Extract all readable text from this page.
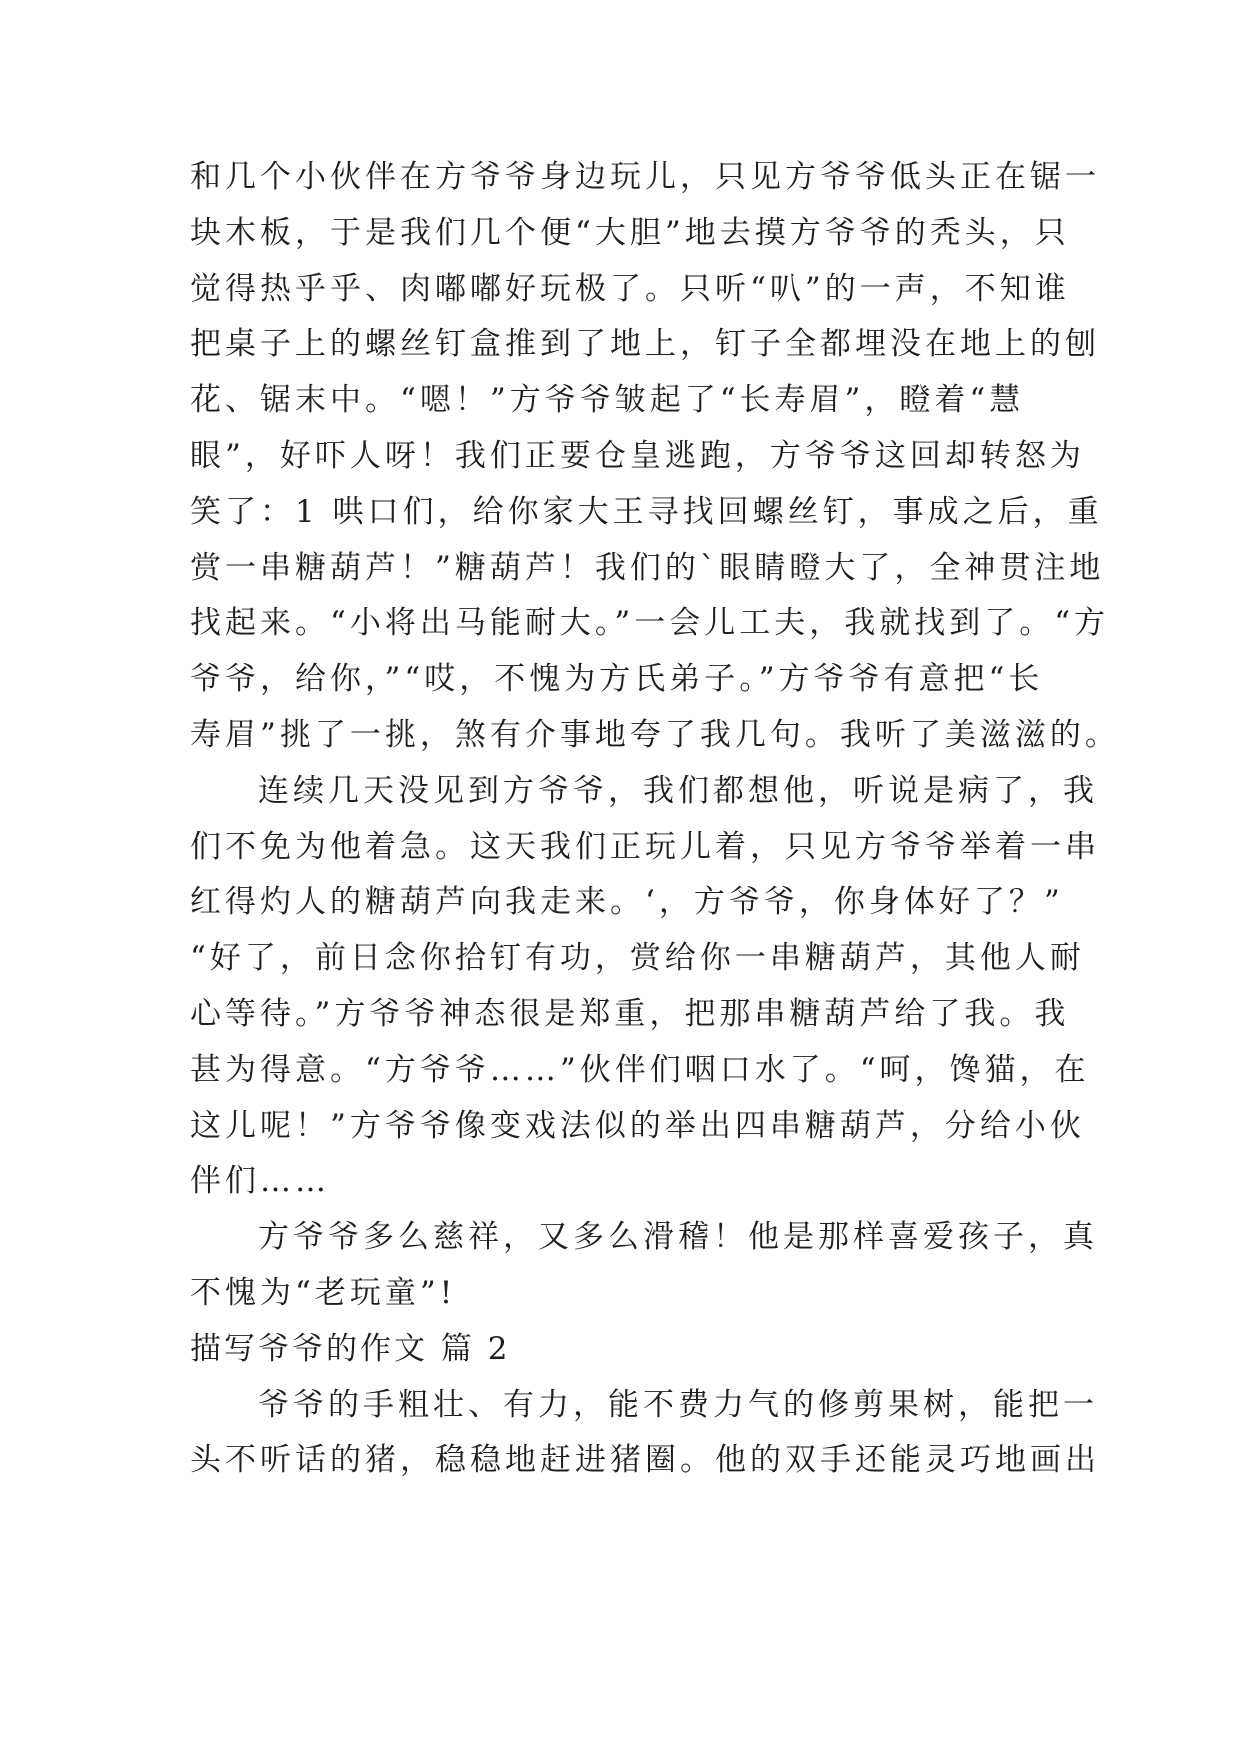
和几个小伙伴在方爷爷身边玩儿，只见方爷爷低头正在锯一
块木板，于是我们几个便“大胆”地去摸方爷爷的秃头，只
觉得热乎乎、肉嘟嘟好玩极了。只听“叭”的一声，不知谁
把桌子上的螺丝钉盒推到了地上，钉子全都埋没在地上的刨
花、锯末中。“嗯！”方爷爷皱起了“长寿眉”，瞪着“慧
眼”，好吓人呀！我们正要仓皇逃跑，方爷爷这回却转怒为
笑了：1 哄口们，给你家大王寻找回螺丝钉，事成之后，重
赏一串糖葫芦！”糖葫芦！我们的`眼睛瞪大了，全神贯注地
找起来。“小将出马能耐大。”一会儿工夫，我就找到了。“方
爷爷，给你，”“哎，不愧为方氏弟子。”方爷爷有意把“长
寿眉”挑了一挑，煞有介事地夸了我几句。我听了美滋滋的。
连续几天没见到方爷爷，我们都想他，听说是病了，我
们不免为他着急。这天我们正玩儿着，只见方爷爷举着一串
红得灼人的糖葫芦向我走来。‘，方爷爷，你身体好了？”
“好了，前日念你拾钉有功，赏给你一串糖葫芦，其他人耐
心等待。”方爷爷神态很是郑重，把那串糖葫芦给了我。我
甚为得意。“方爷爷……”伙伴们咽口水了。“呵，馋猫，在
这儿呢！”方爷爷像变戏法似的举出四串糖葫芦，分给小伙
伴们……
方爷爷多么慈祥，又多么滑稽！他是那样喜爱孩子，真
不愧为“老玩童”!
描写爷爷的作文 篇 2
爷爷的手粗壮、有力，能不费力气的修剪果树，能把一
头不听话的猪，稳稳地赶进猪圈。他的双手还能灵巧地画出
